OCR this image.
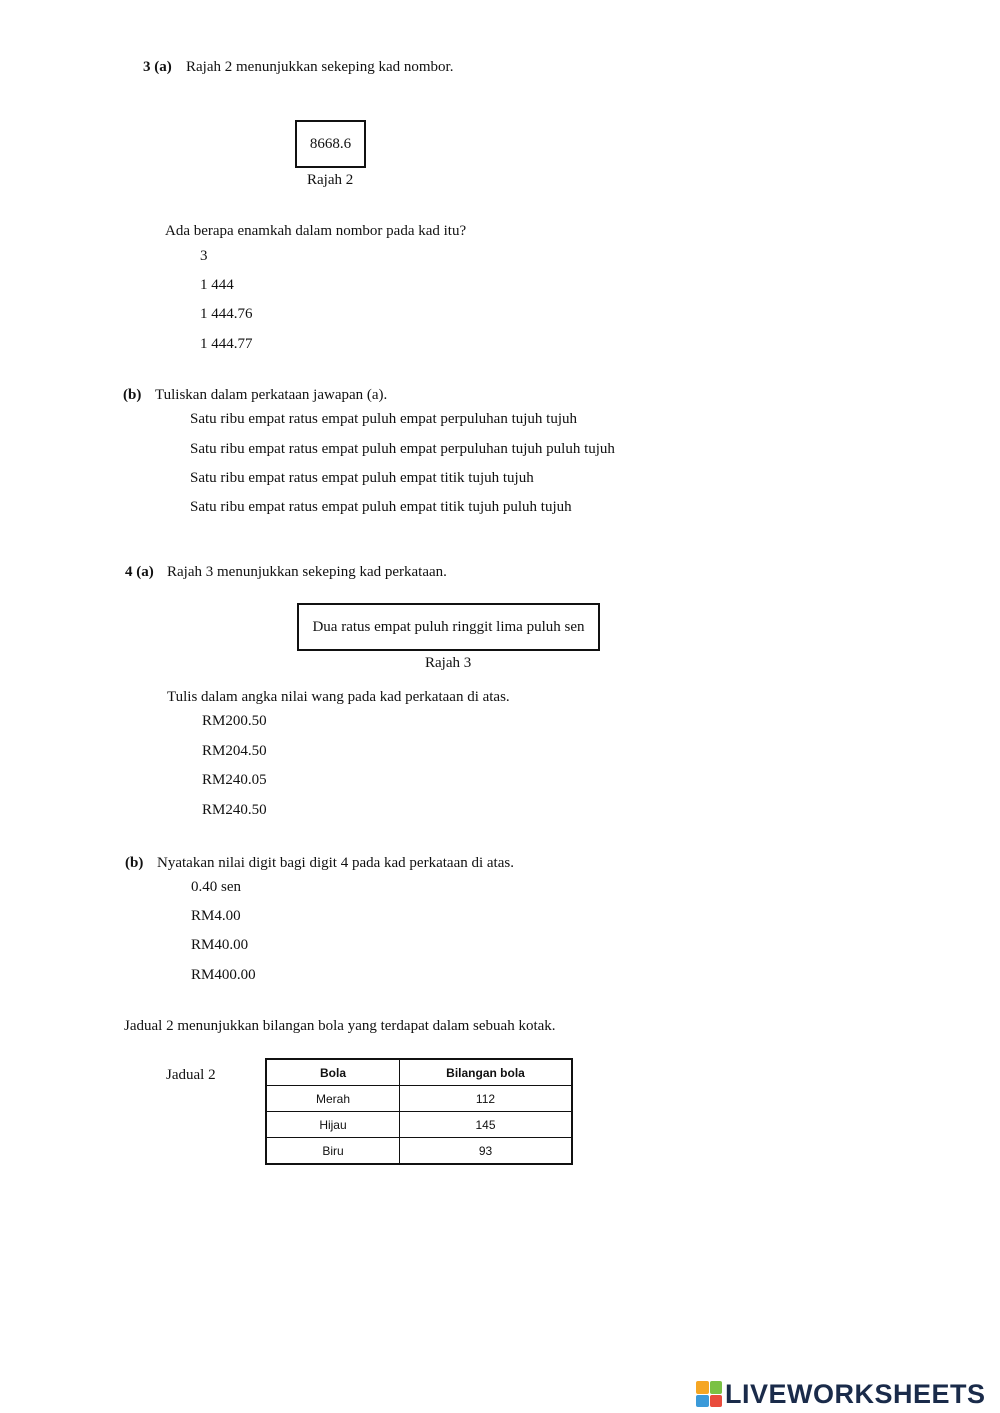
3 (a) Rajah 2 menunjukkan sekeping kad nombor.
8668.6
Rajah 2
Ada berapa enamkah dalam nombor pada kad itu?
3
1 444
1 444.76
1 444.77
(b) Tuliskan dalam perkataan jawapan (a).
Satu ribu empat ratus empat puluh empat perpuluhan tujuh tujuh
Satu ribu empat ratus empat puluh empat perpuluhan tujuh puluh tujuh
Satu ribu empat ratus empat puluh empat titik tujuh tujuh
Satu ribu empat ratus empat puluh empat titik tujuh puluh tujuh
4 (a) Rajah 3 menunjukkan sekeping kad perkataan.
Dua ratus empat puluh ringgit lima puluh sen
Rajah 3
Tulis dalam angka nilai wang pada kad perkataan di atas.
RM200.50
RM204.50
RM240.05
RM240.50
(b) Nyatakan nilai digit bagi digit 4 pada kad perkataan di atas.
0.40 sen
RM4.00
RM40.00
RM400.00
Jadual 2 menunjukkan bilangan bola yang terdapat dalam sebuah kotak.
Jadual 2	Bola	Bilangan bola
Merah	112
Hijau	145
Biru	93
LIVEWORKSHEETS
